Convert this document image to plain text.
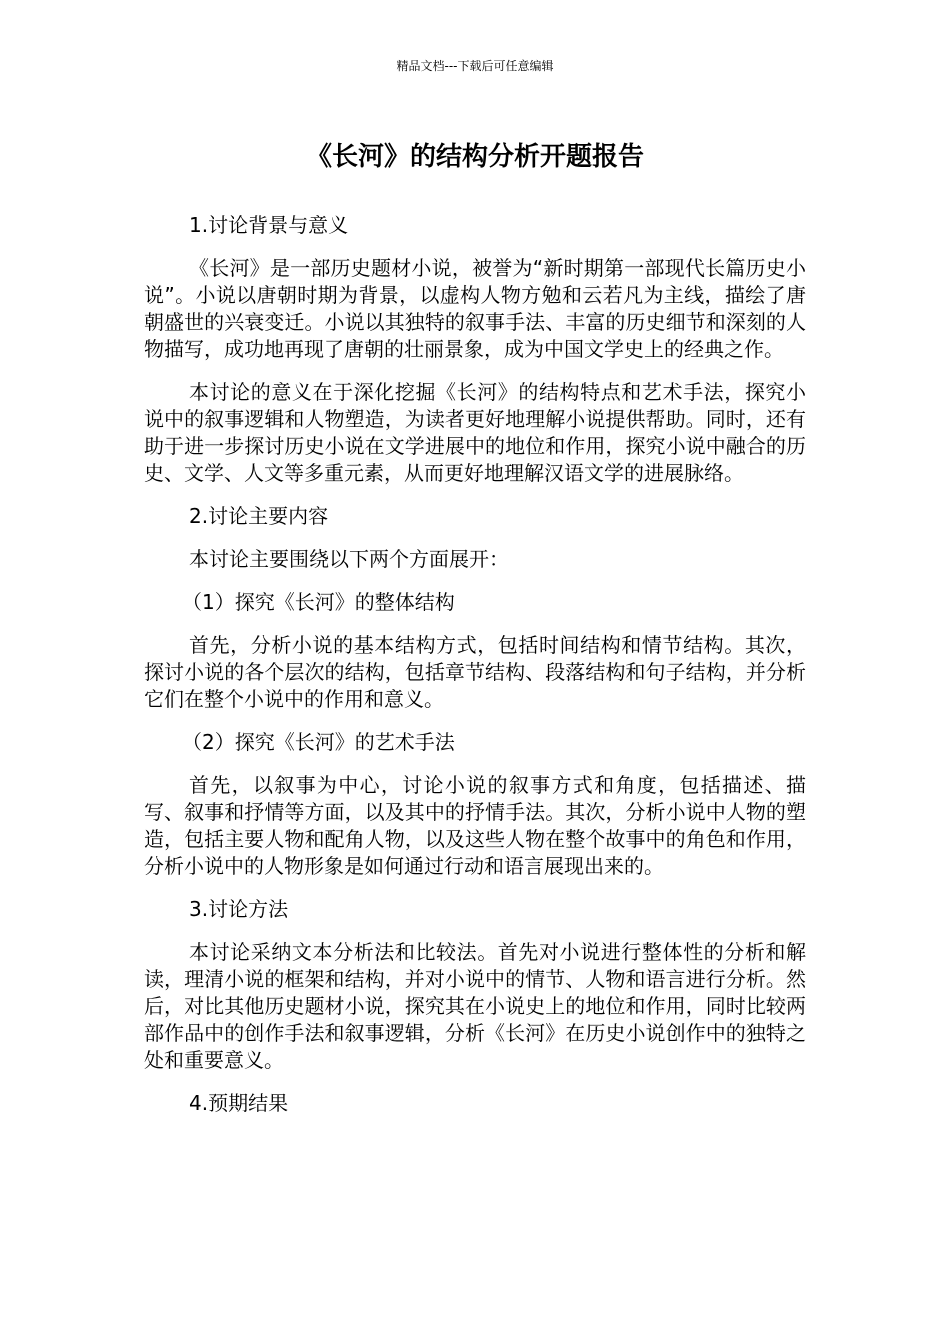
精品文档---下载后可任意编辑
《长河》的结构分析开题报告
1.讨论背景与意义

《长河》是一部历史题材小说，被誉为“新时期第一部现代长篇历史小说”。小说以唐朝时期为背景，以虚构人物方勉和云若凡为主线，描绘了唐朝盛世的兴衰变迁。小说以其独特的叙事手法、丰富的历史细节和深刻的人物描写，成功地再现了唐朝的壮丽景象，成为中国文学史上的经典之作。

本讨论的意义在于深化挖掘《长河》的结构特点和艺术手法，探究小说中的叙事逻辑和人物塑造，为读者更好地理解小说提供帮助。同时，还有助于进一步探讨历史小说在文学进展中的地位和作用，探究小说中融合的历史、文学、人文等多重元素，从而更好地理解汉语文学的进展脉络。

2.讨论主要内容
本讨论主要围绕以下两个方面展开：
（1）探究《长河》的整体结构

首先，分析小说的基本结构方式，包括时间结构和情节结构。其次，探讨小说的各个层次的结构，包括章节结构、段落结构和句子结构，并分析它们在整个小说中的作用和意义。

（2）探究《长河》的艺术手法

首先，以叙事为中心，讨论小说的叙事方式和角度，包括描述、描写、叙事和抒情等方面，以及其中的抒情手法。其次，分析小说中人物的塑造，包括主要人物和配角人物，以及这些人物在整个故事中的角色和作用，分析小说中的人物形象是如何通过行动和语言展现出来的。

3.讨论方法

本讨论采纳文本分析法和比较法。首先对小说进行整体性的分析和解读，理清小说的框架和结构，并对小说中的情节、人物和语言进行分析。然后，对比其他历史题材小说，探究其在小说史上的地位和作用，同时比较两部作品中的创作手法和叙事逻辑，分析《长河》在历史小说创作中的独特之处和重要意义。

4.预期结果
